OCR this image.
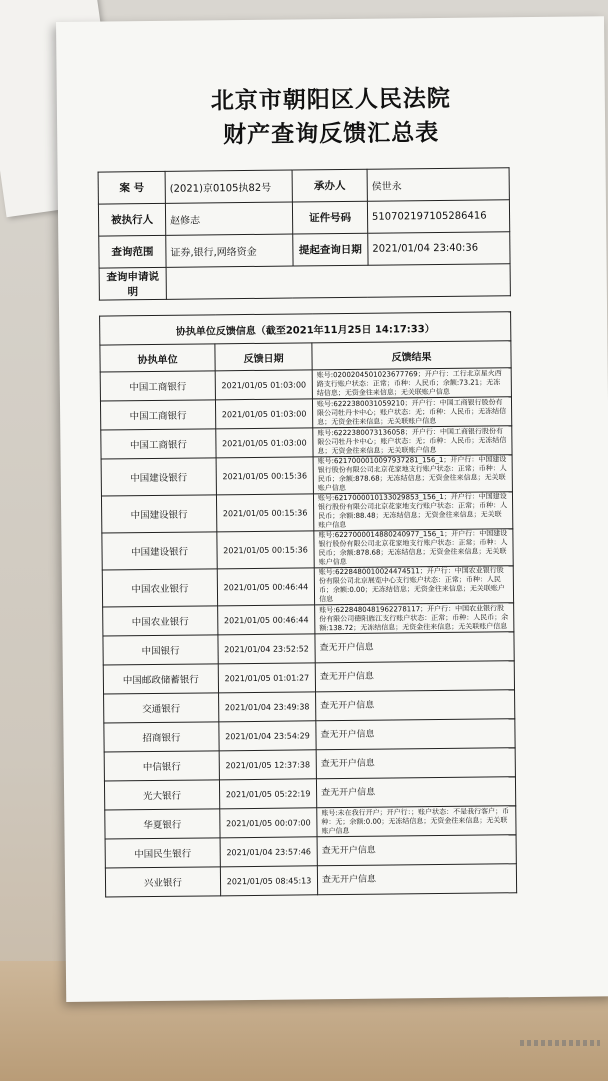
北京市朝阳区人民法院
财产查询反馈汇总表
案 号	(2021)京0105执82号	承办人	侯世永
被执行人	赵修志	证件号码	510702197105286416
查询范围	证券,银行,网络资金	提起查询日期	2021/01/04 23:40:36
查询申请说明			
协执单位反馈信息（截至2021年11月25日 14:17:33）		
协执单位	反馈日期	反馈结果
中国工商银行	2021/01/05 01:03:00	账号:0200204501023677769；开户行：工行北京星火西路支行账户状态：正常；币种：人民币；余额:73.21；无冻结信息；无资金往来信息；无关联账户信息
中国工商银行	2021/01/05 01:03:00	账号:6222380031059210；开户行：中国工商银行股份有限公司牡丹卡中心；账户状态：无；币种：人民币；无冻结信息；无资金往来信息；无关联账户信息
中国工商银行	2021/01/05 01:03:00	账号:6222380073136058；开户行：中国工商银行股份有限公司牡丹卡中心；账户状态：无；币种：人民币；无冻结信息；无资金往来信息；无关联账户信息
中国建设银行	2021/01/05 00:15:36	账号:6217000010097937281_156_1；开户行：中国建设银行股份有限公司北京花家地支行账户状态：正常；币种：人民币；余额:878.68；无冻结信息；无资金往来信息；无关联账户信息
中国建设银行	2021/01/05 00:15:36	账号:6217000010133029853_156_1；开户行：中国建设银行股份有限公司北京花家地支行账户状态：正常；币种：人民币；余额:88.48；无冻结信息；无资金往来信息；无关联账户信息
中国建设银行	2021/01/05 00:15:36	账号:6227000014880240977_156_1；开户行：中国建设银行股份有限公司北京花家地支行账户状态：正常；币种：人民币；余额:878.68；无冻结信息；无资金往来信息；无关联账户信息
中国农业银行	2021/01/05 00:46:44	账号:6228480010024474511；开户行：中国农业银行股份有限公司北京展览中心支行账户状态：正常；币种：人民币；余额:0.00；无冻结信息；无资金往来信息；无关联账户信息
中国农业银行	2021/01/05 00:46:44	账号:6228480481962278117；开户行：中国农业银行股份有限公司德阳旌江支行账户状态：正常；币种：人民币；余额:138.72；无冻结信息；无资金往来信息；无关联账户信息
中国银行	2021/01/04 23:52:52	查无开户信息
中国邮政储蓄银行	2021/01/05 01:01:27	查无开户信息
交通银行	2021/01/04 23:49:38	查无开户信息
招商银行	2021/01/04 23:54:29	查无开户信息
中信银行	2021/01/05 12:37:38	查无开户信息
光大银行	2021/01/05 05:22:19	查无开户信息
华夏银行	2021/01/05 00:07:00	账号:未在我行开户；开户行：；账户状态：不是我行客户；币种：无；余额:0.00；无冻结信息；无资金往来信息；无关联账户信息
中国民生银行	2021/01/04 23:57:46	查无开户信息
兴业银行	2021/01/05 08:45:13	查无开户信息
